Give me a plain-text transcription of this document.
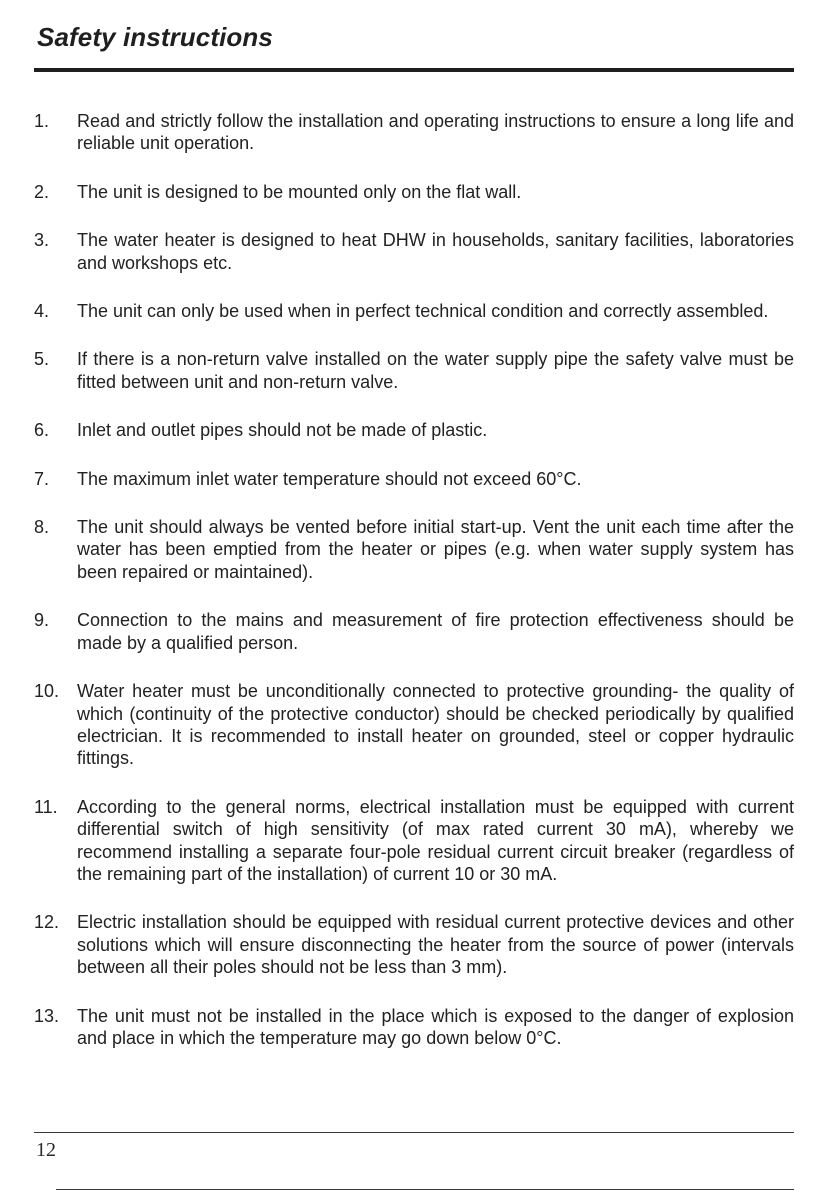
Safety instructions
1.	Read and strictly follow the installation and operating instructions to ensure a long life and reliable unit operation.
2.	The unit is designed to be mounted only on the flat wall.
3.	The water heater is designed to heat DHW in households, sanitary facilities, laboratories and workshops etc.
4.	The unit can only be used when in perfect technical condition and correctly assembled.
5.	If there is a non-return valve installed on the water supply pipe the safety valve must be fitted between unit and non-return valve.
6.	Inlet and outlet pipes should not be made of plastic.
7.	The maximum inlet water temperature should not exceed 60°C.
8.	The unit should always be vented before initial start-up. Vent the unit each time after the water has been emptied from the heater or pipes (e.g. when water supply system has been repaired or maintained).
9.	Connection to the mains and measurement of fire protection effectiveness should be made by a qualified person.
10. Water heater must be unconditionally connected to protective grounding- the quality of which (continuity of the protective conductor) should be checked periodically by qualified electrician. It is recommended to install heater on grounded, steel or copper hydraulic fittings.
11.	According to the general norms, electrical installation must be equipped with current differential switch of high sensitivity (of max rated current 30 mA), whereby we recommend installing a separate four-pole residual current circuit breaker (regardless of the remaining part of the installation) of current 10 or 30 mA.
12. Electric installation should be equipped with residual current protective devices and other solutions which will ensure disconnecting the heater from the source of power (intervals between all their poles should not be less than 3 mm).
13. The unit must not be installed in the place which is exposed to the danger of explosion and place in which the temperature may go down below 0°C.
12
